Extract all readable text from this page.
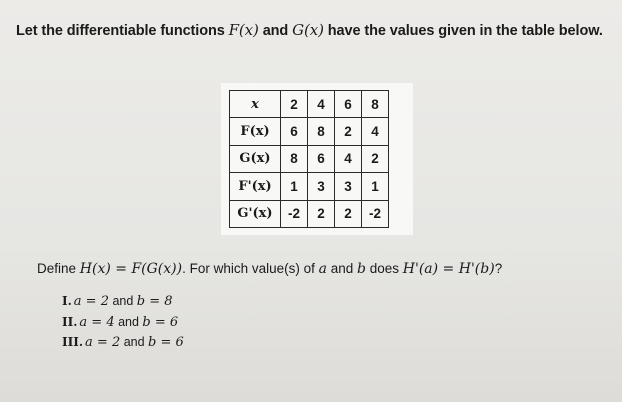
Let the differentiable functions F(x) and G(x) have the values given in the table below.
x	2	4	6	8
F(x)	6	8	2	4
G(x)	8	6	4	2
F'(x)	1	3	3	1
G'(x)	-2	2	2	-2
Define H(x) = F(G(x)). For which value(s) of a and b does H'(a) = H'(b)?
I. a = 2 and b = 8
II. a = 4 and b = 6
III. a = 2 and b = 6
